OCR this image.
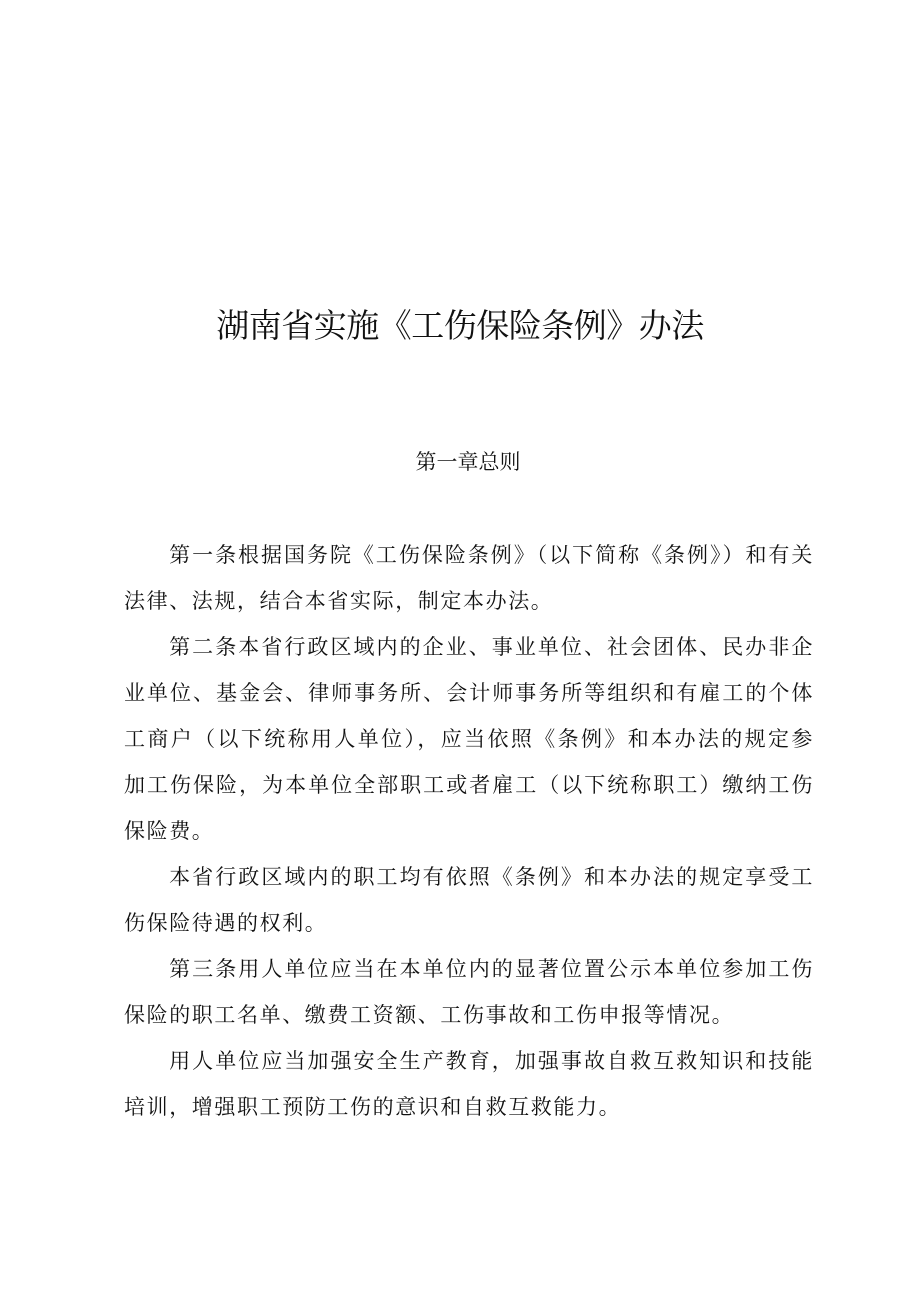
湖南省实施《工伤保险条例》办法
第一章总则

第一条根据国务院《工伤保险条例》（以下简称《条例》）和有关法律、法规，结合本省实际，制定本办法。

第二条本省行政区域内的企业、事业单位、社会团体、民办非企业单位、基金会、律师事务所、会计师事务所等组织和有雇工的个体工商户（以下统称用人单位），应当依照《条例》和本办法的规定参加工伤保险，为本单位全部职工或者雇工（以下统称职工）缴纳工伤保险费。

本省行政区域内的职工均有依照《条例》和本办法的规定享受工伤保险待遇的权利。

第三条用人单位应当在本单位内的显著位置公示本单位参加工伤保险的职工名单、缴费工资额、工伤事故和工伤申报等情况。

用人单位应当加强安全生产教育，加强事故自救互救知识和技能培训，增强职工预防工伤的意识和自救互救能力。
